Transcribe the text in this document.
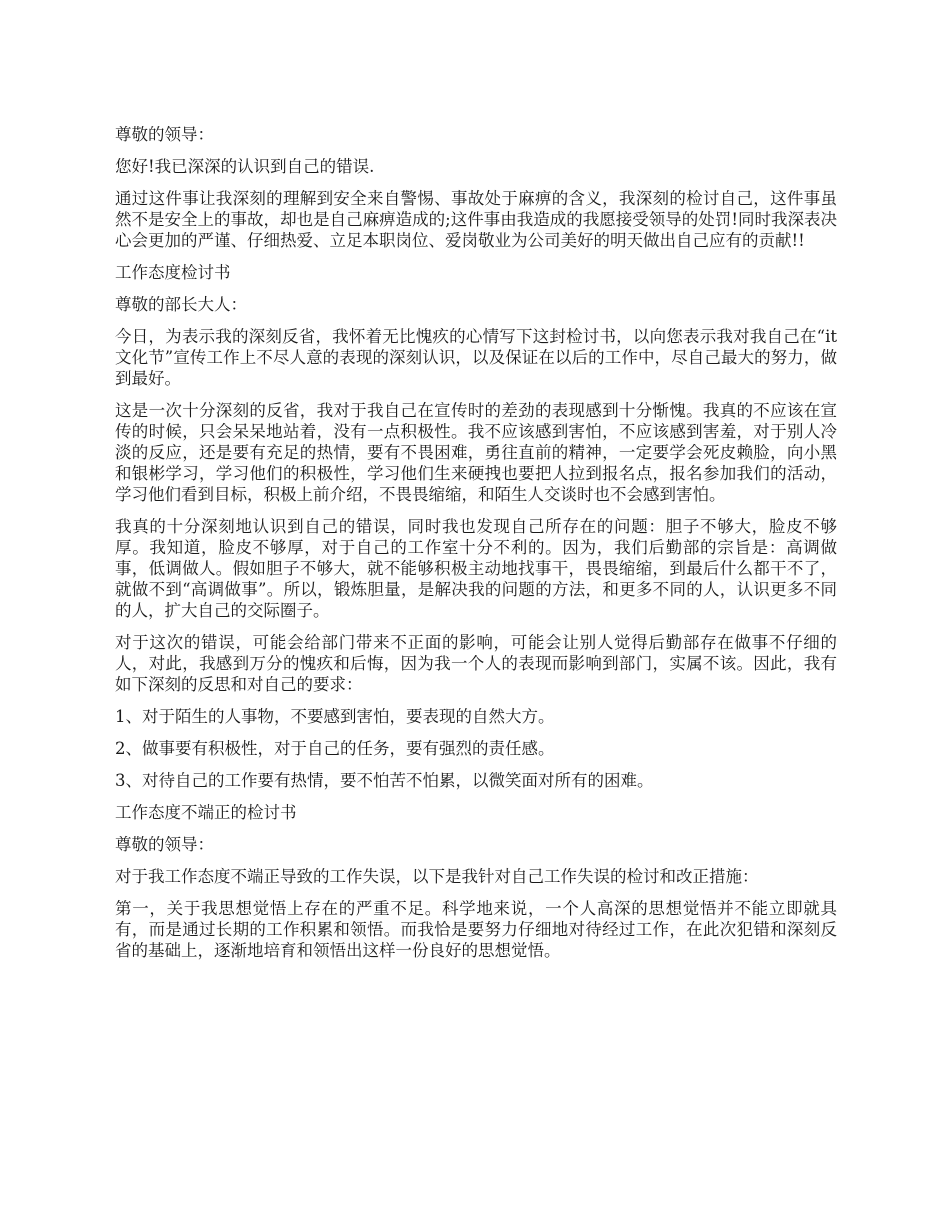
尊敬的领导：

您好!我已深深的认识到自己的错误.

通过这件事让我深刻的理解到安全来自警惕、事故处于麻痹的含义，我深刻的检讨自己，这件事虽然不是安全上的事故，却也是自己麻痹造成的;这件事由我造成的我愿接受领导的处罚!同时我深表决心会更加的严谨、仔细热爱、立足本职岗位、爱岗敬业为公司美好的明天做出自己应有的贡献!!

工作态度检讨书

尊敬的部长大人：

今日，为表示我的深刻反省，我怀着无比愧疚的心情写下这封检讨书，以向您表示我对我自己在“it文化节”宣传工作上不尽人意的表现的深刻认识，以及保证在以后的工作中，尽自己最大的努力，做到最好。

这是一次十分深刻的反省，我对于我自己在宣传时的差劲的表现感到十分惭愧。我真的不应该在宣传的时候，只会呆呆地站着，没有一点积极性。我不应该感到害怕，不应该感到害羞，对于别人冷淡的反应，还是要有充足的热情，要有不畏困难，勇往直前的精神，一定要学会死皮赖脸，向小黑和银彬学习，学习他们的积极性，学习他们生来硬拽也要把人拉到报名点，报名参加我们的活动，学习他们看到目标，积极上前介绍，不畏畏缩缩，和陌生人交谈时也不会感到害怕。

我真的十分深刻地认识到自己的错误，同时我也发现自己所存在的问题：胆子不够大，脸皮不够厚。我知道，脸皮不够厚，对于自己的工作室十分不利的。因为，我们后勤部的宗旨是：高调做事，低调做人。假如胆子不够大，就不能够积极主动地找事干，畏畏缩缩，到最后什么都干不了，就做不到“高调做事”。所以，锻炼胆量，是解决我的问题的方法，和更多不同的人，认识更多不同的人，扩大自己的交际圈子。

对于这次的错误，可能会给部门带来不正面的影响，可能会让别人觉得后勤部存在做事不仔细的人，对此，我感到万分的愧疚和后悔，因为我一个人的表现而影响到部门，实属不该。因此，我有如下深刻的反思和对自己的要求：

1、对于陌生的人事物，不要感到害怕，要表现的自然大方。

2、做事要有积极性，对于自己的任务，要有强烈的责任感。

3、对待自己的工作要有热情，要不怕苦不怕累，以微笑面对所有的困难。

工作态度不端正的检讨书

尊敬的领导：

对于我工作态度不端正导致的工作失误，以下是我针对自己工作失误的检讨和改正措施：

第一，关于我思想觉悟上存在的严重不足。科学地来说，一个人高深的思想觉悟并不能立即就具有，而是通过长期的工作积累和领悟。而我恰是要努力仔细地对待经过工作，在此次犯错和深刻反省的基础上，逐渐地培育和领悟出这样一份良好的思想觉悟。
